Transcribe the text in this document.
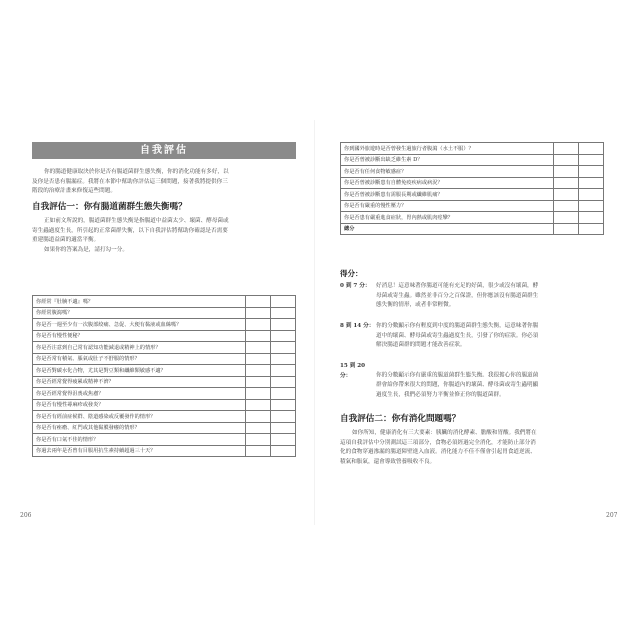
自我評估
你的腸道健康取決於你是否有腸道菌群生態失衡，你的消化功能有多好，以
及你是否患有腸漏症。我將在本節中幫助你評估這三個問題，接著我將提供你三
階段的治療計畫來修復這些問題。
自我評估一：你有腸道菌群生態失衡嗎？
正如前文所說的，腸道菌群生態失衡是指腸道中益菌太少、壞菌、酵母菌或
寄生蟲過度生長，所引起的正常菌群失衡，以下自我評估將幫助你確認是否需要
重建腸道益菌的適當平衡。
如果你的答案為是，請打勾一分。
你經常『肚腩不適』嗎？		
你經常腹瀉嗎？		
你是否一週至少有一次腹部絞痛、急促、大便有黏液或血絲嗎？		
你是否有慢性便秘？		
你是否注意到自己常有認知功能減退或精神上的情形？		
你是否常有積氣、脹氣或肚子不舒服的情形？		
你是否對碳水化合物，尤其是對豆類和纖維類敏感不適？		
你是否經常覺得疲累或精神不濟？		
你是否經常覺得沮喪或焦慮？		
你是否有慢性蕁麻疹或發炎？		
你是否有經前症候群、陰道感染或反覆發作的情形？		
你是否有痤瘡、紅門或其他黏膜發癢的情形？		
你是否有口氣不佳的情形？		
你過去兩年是否曾有目服用抗生素持續超過三十天？		
206
你到國外旅遊時是否曾發生過旅行者腹瀉（水土不服）？		
你是否曾被診斷出缺乏維生素 D？		
你是否有任何食物敏感症？		
你是否曾被診斷患有自體免疫疾病或病況？		
你是否曾被診斷患有需服長期或纖維肌痛？		
你是否有嚴重的慢性壓力？		
你是否患有嚴重進食症狀，胃內熱或肌肉痙攣？		
總分		
得分：
0 到 7 分： 好消息！這意味著你腸道可能有充足的好菌，很少或沒有壞菌，酵
母菌或寄生蟲。雖然並非百分之百保證，但你應該沒有腸道菌群生
態失衡的情形，或者非常輕微。
8 到 14 分： 你的分數顯示你有輕度到中度的腸道菌群生態失衡，這意味著你腸
道中的壞菌、酵母菌或寄生蟲過度生長，引發了你的症狀。你必須
解決腸道菌群的問題才能改善症狀。
15 到 20 分：	你的分數顯示你有嚴重的腸道菌群生態失衡。我很擔心你的腸道菌
群會給你帶來很大的問題，你腸道內的壞菌、酵母菌或寄生蟲明顯
過度生長，我們必須努力平衡並修正你的腸道菌群。
自我評估二：你有消化問題嗎？
如你所知，健康消化有三大要素：胰臟的消化酵素、膽酸和胃酸。我們將在
這項自我評估中分別測試這三項部分，食物必須經過完全消化，才能防止部分消
化的食物穿過滲漏的腸道障壁進入血液。消化能力不佳不僅會引起胃食道逆流、
積氣和脹氣，還會導致營養吸收不良。
207
